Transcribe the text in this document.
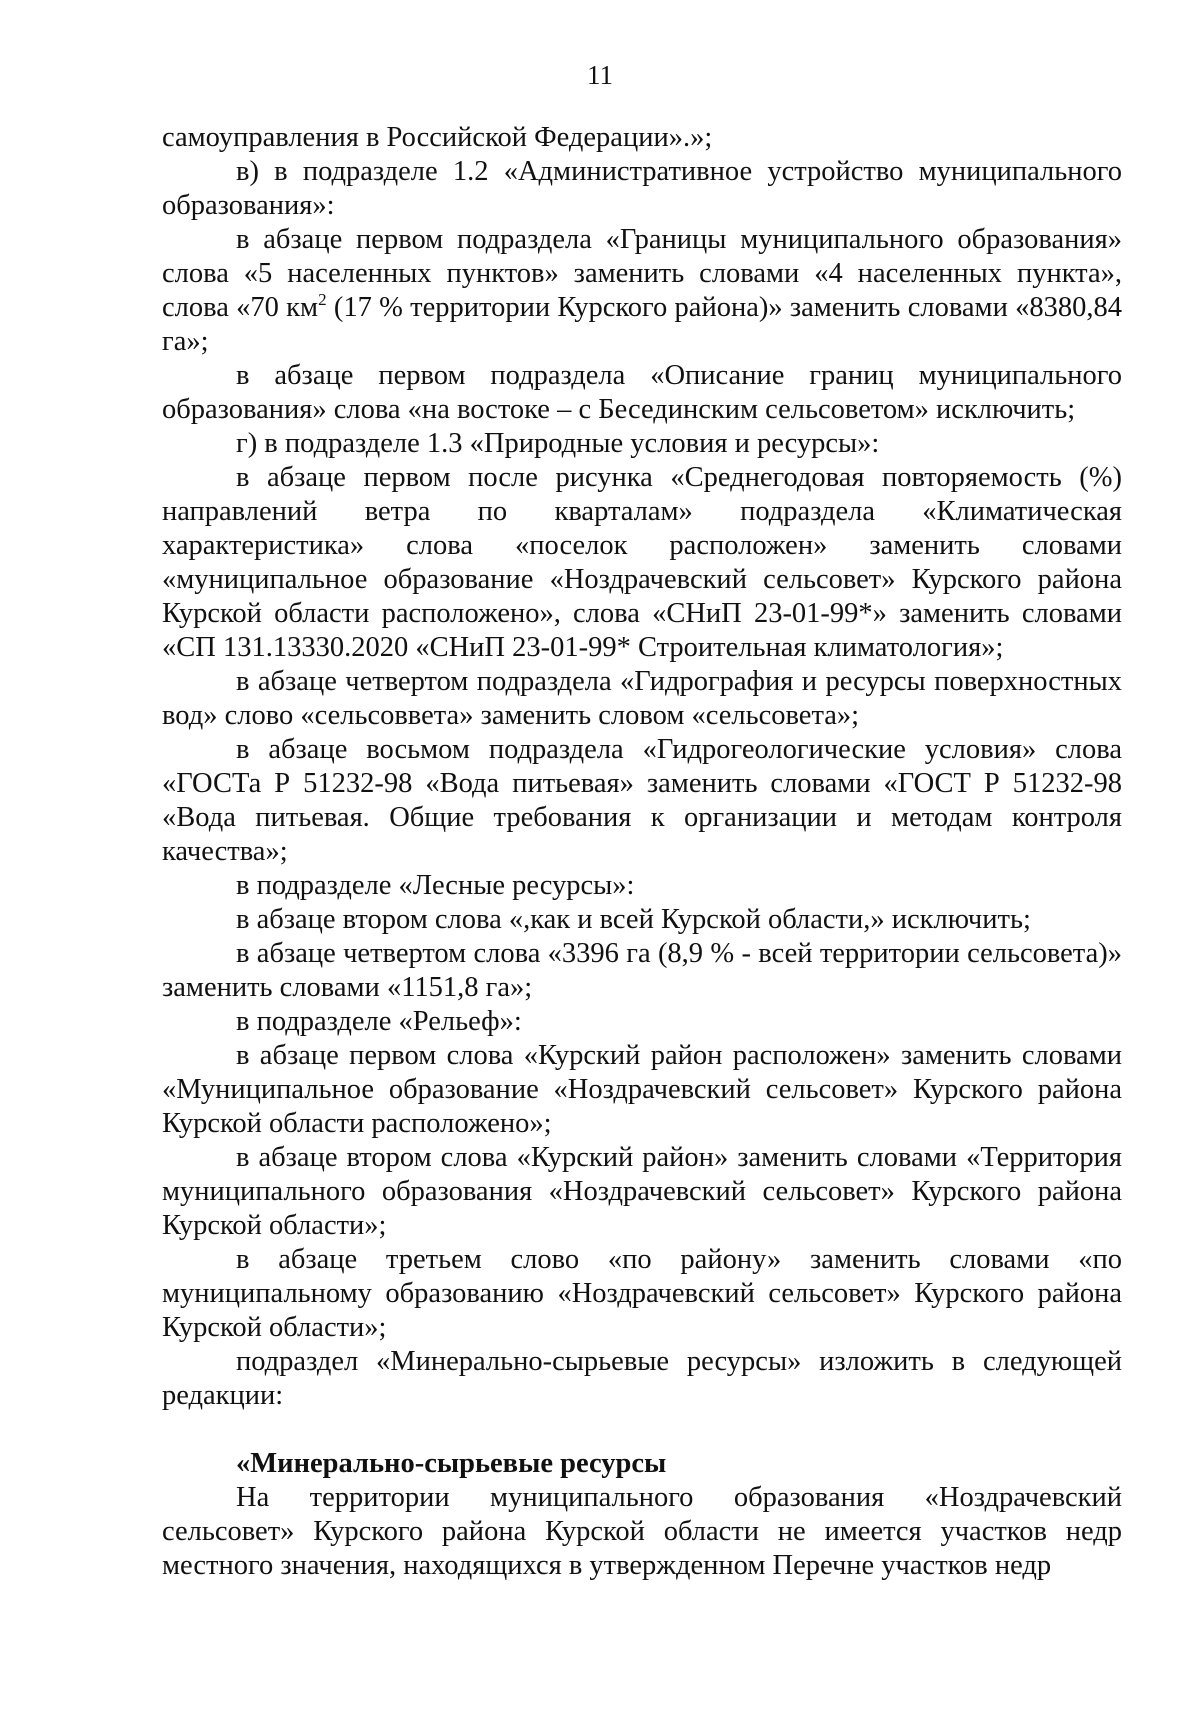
11

самоуправления в Российской Федерации».»;

в) в подразделе 1.2 «Административное устройство муниципального образования»:

в абзаце первом подраздела «Границы муниципального образования» слова «5 населенных пунктов» заменить словами «4 населенных пункта», слова «70 $км^2$ (17 % территории Курского района)» заменить словами «8380,84 га»;

в абзаце первом подраздела «Описание границ муниципального образования» слова «на востоке – с Бесединским сельсоветом» исключить;

г) в подразделе 1.3 «Природные условия и ресурсы»:

в абзаце первом после рисунка «Среднегодовая повторяемость (%) направлений ветра по кварталам» подраздела «Климатическая характеристика» слова «поселок расположен» заменить словами «муниципальное образование «Ноздрачевский сельсовет» Курского района Курской области расположено», слова «СНиП 23-01-99*» заменить словами «СП 131.13330.2020 «СНиП 23-01-99* Строительная климатология»;

в абзаце четвертом подраздела «Гидрография и ресурсы поверхностных вод» слово «сельсоввета» заменить словом «сельсовета»;

в абзаце восьмом подраздела «Гидрогеологические условия» слова «ГОСТа Р 51232-98 «Вода питьевая» заменить словами «ГОСТ Р 51232-98 «Вода питьевая. Общие требования к организации и методам контроля качества»;

в подразделе «Лесные ресурсы»:

в абзаце втором слова «,как и всей Курской области,» исключить;

в абзаце четвертом слова «3396 га (8,9 % - всей территории сельсовета)» заменить словами «1151,8 га»;

в подразделе «Рельеф»:

в абзаце первом слова «Курский район расположен» заменить словами «Муниципальное образование «Ноздрачевский сельсовет» Курского района Курской области расположено»;

в абзаце втором слова «Курский район» заменить словами «Территория муниципального образования «Ноздрачевский сельсовет» Курского района Курской области»;

в абзаце третьем слово «по району» заменить словами «по муниципальному образованию «Ноздрачевский сельсовет» Курского района Курской области»;

подраздел «Минерально-сырьевые ресурсы» изложить в следующей редакции:

«Минерально-сырьевые ресурсы

На территории муниципального образования «Ноздрачевский сельсовет» Курского района Курской области не имеется участков недр местного значения, находящихся в утвержденном Перечне участков недр
